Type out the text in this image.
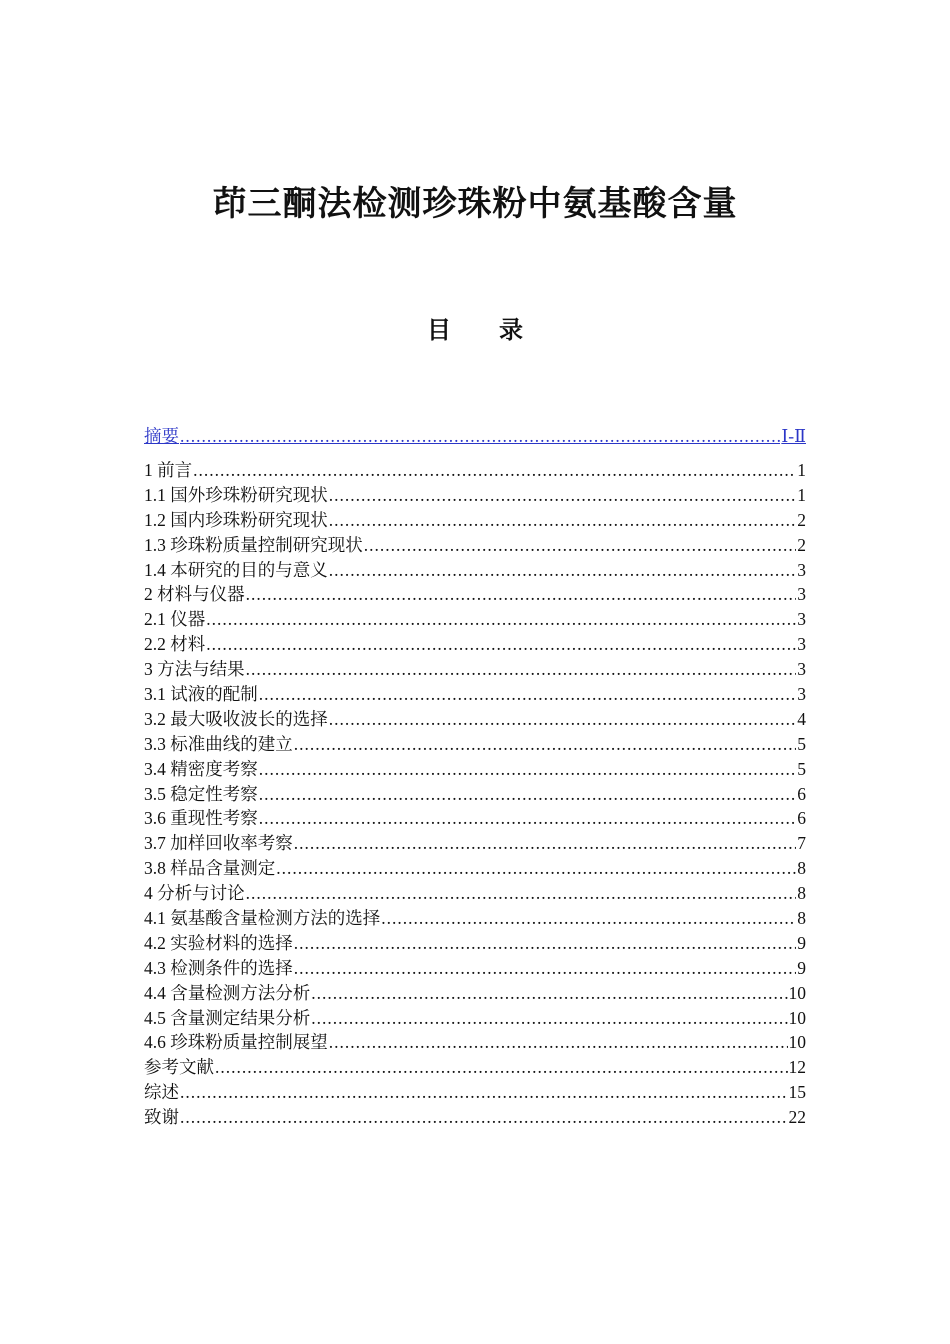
茚三酮法检测珍珠粉中氨基酸含量
目 录
摘要 .....	Ⅰ-Ⅱ
1 前言 .....	1
1.1 国外珍珠粉研究现状 .....	1
1.2 国内珍珠粉研究现状 .....	2
1.3 珍珠粉质量控制研究现状 .....	2
1.4 本研究的目的与意义 .....	3
2 材料与仪器 .....	3
2.1 仪器 .....	3
2.2 材料 .....	3
3 方法与结果 .....	3
3.1 试液的配制 .....	3
3.2 最大吸收波长的选择 .....	4
3.3 标准曲线的建立 .....	5
3.4 精密度考察 .....	5
3.5 稳定性考察 .....	6
3.6 重现性考察 .....	6
3.7 加样回收率考察 .....	7
3.8 样品含量测定 .....	8
4 分析与讨论 .....	8
4.1 氨基酸含量检测方法的选择 .....	8
4.2 实验材料的选择 .....	9
4.3 检测条件的选择 .....	9
4.4 含量检测方法分析 .....	10
4.5 含量测定结果分析 .....	10
4.6 珍珠粉质量控制展望 .....	10
参考文献 .....	12
综述 .....	15
致谢 .....	22
